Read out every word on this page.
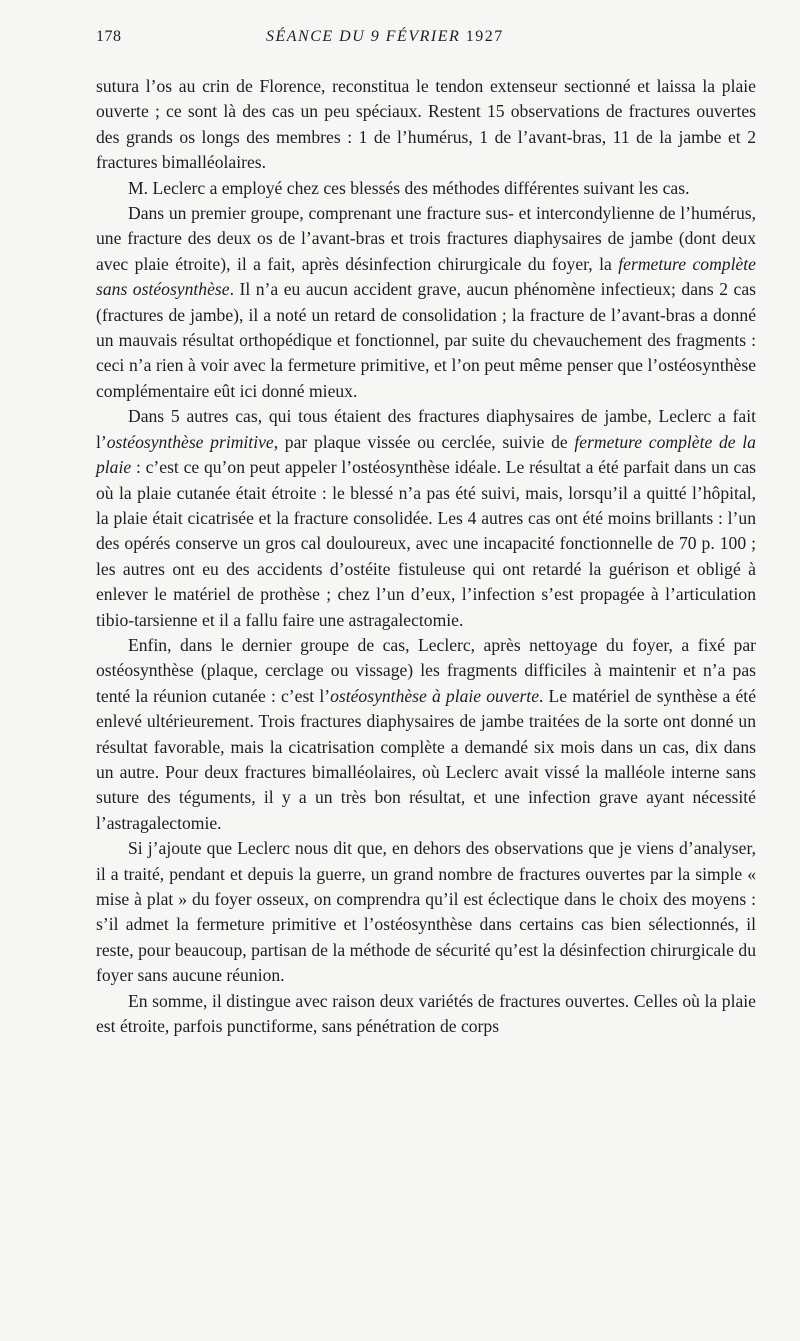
178	SÉANCE DU 9 FÉVRIER 1927

sutura l’os au crin de Florence, reconstitua le tendon extenseur sectionné et laissa la plaie ouverte ; ce sont là des cas un peu spéciaux. Restent 15 observations de fractures ouvertes des grands os longs des membres : 1 de l’humérus, 1 de l’avant-bras, 11 de la jambe et 2 fractures bimalléolaires.

M. Leclerc a employé chez ces blessés des méthodes différentes suivant les cas.

Dans un premier groupe, comprenant une fracture sus- et intercondylienne de l’humérus, une fracture des deux os de l’avant-bras et trois fractures diaphysaires de jambe (dont deux avec plaie étroite), il a fait, après désinfection chirurgicale du foyer, la fermeture complète sans ostéosynthèse. Il n’a eu aucun accident grave, aucun phénomène infectieux; dans 2 cas (fractures de jambe), il a noté un retard de consolidation ; la fracture de l’avant-bras a donné un mauvais résultat orthopédique et fonctionnel, par suite du chevauchement des fragments : ceci n’a rien à voir avec la fermeture primitive, et l’on peut même penser que l’ostéosynthèse complémentaire eût ici donné mieux.

Dans 5 autres cas, qui tous étaient des fractures diaphysaires de jambe, Leclerc a fait l’ostéosynthèse primitive, par plaque vissée ou cerclée, suivie de fermeture complète de la plaie : c’est ce qu’on peut appeler l’ostéosynthèse idéale. Le résultat a été parfait dans un cas où la plaie cutanée était étroite : le blessé n’a pas été suivi, mais, lorsqu’il a quitté l’hôpital, la plaie était cicatrisée et la fracture consolidée. Les 4 autres cas ont été moins brillants : l’un des opérés conserve un gros cal douloureux, avec une incapacité fonctionnelle de 70 p. 100 ; les autres ont eu des accidents d’ostéite fistuleuse qui ont retardé la guérison et obligé à enlever le matériel de prothèse ; chez l’un d’eux, l’infection s’est propagée à l’articulation tibio-tarsienne et il a fallu faire une astragalectomie.

Enfin, dans le dernier groupe de cas, Leclerc, après nettoyage du foyer, a fixé par ostéosynthèse (plaque, cerclage ou vissage) les fragments difficiles à maintenir et n’a pas tenté la réunion cutanée : c’est l’ostéosynthèse à plaie ouverte. Le matériel de synthèse a été enlevé ultérieurement. Trois fractures diaphysaires de jambe traitées de la sorte ont donné un résultat favorable, mais la cicatrisation complète a demandé six mois dans un cas, dix dans un autre. Pour deux fractures bimalléolaires, où Leclerc avait vissé la malléole interne sans suture des téguments, il y a un très bon résultat, et une infection grave ayant nécessité l’astragalectomie.

Si j’ajoute que Leclerc nous dit que, en dehors des observations que je viens d’analyser, il a traité, pendant et depuis la guerre, un grand nombre de fractures ouvertes par la simple « mise à plat » du foyer osseux, on comprendra qu’il est éclectique dans le choix des moyens : s’il admet la fermeture primitive et l’ostéosynthèse dans certains cas bien sélectionnés, il reste, pour beaucoup, partisan de la méthode de sécurité qu’est la désinfection chirurgicale du foyer sans aucune réunion.

En somme, il distingue avec raison deux variétés de fractures ouvertes. Celles où la plaie est étroite, parfois punctiforme, sans pénétration de corps
